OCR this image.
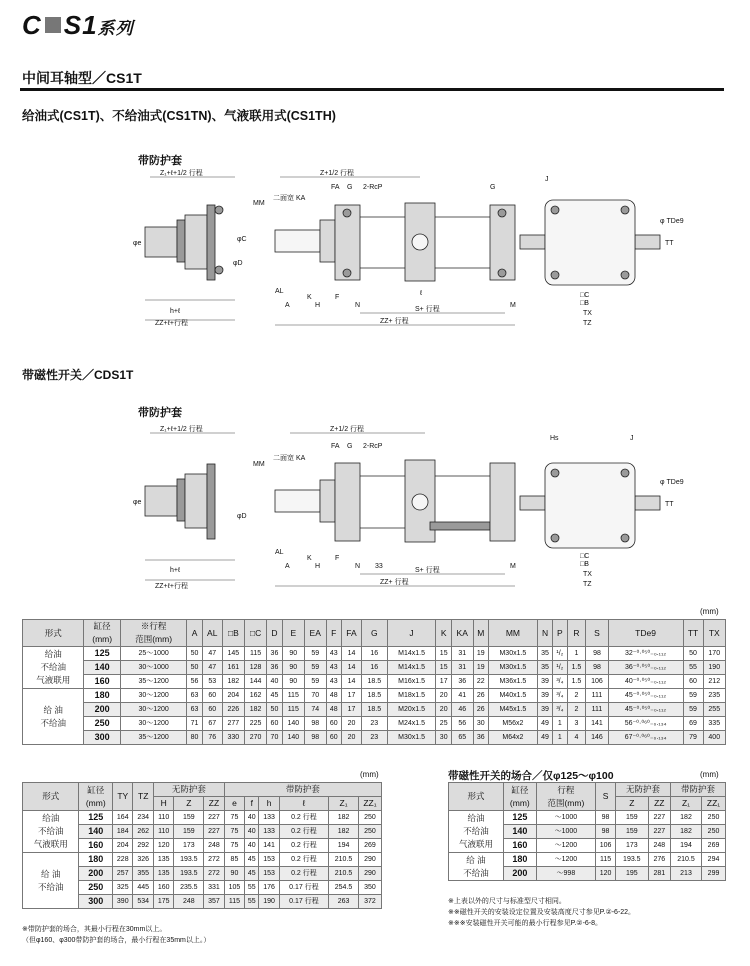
C S1系列
中间耳轴型／CS1T
给油式(CS1T)、不给油式(CS1TN)、气液联用式(CS1TH)
带防护套
Z₁+ℓ+1/2 行程	Z+1/2 行程
φe
h+ℓ
ZZ+ℓ+行程
MM
二面宽 KA
φC
φD
FA G 2-RcP	G
AL
A
K
H
F
N
ℓ
M
S+ 行程
ZZ+ 行程
J
φ TDe9
TT
□C
□B
TX
TZ
带磁性开关／CDS1T
带防护套
Z₁+ℓ+1/2 行程	Z+1/2 行程
φe
h+ℓ
ZZ+ℓ+行程
MM
二面宽 KA
φD
FA G 2-RcP
AL
A
K
H
F
N 33	M
S+ 行程
ZZ+ 行程
Hs	J
φ TDe9
TT
□C
□B
TX
TZ
(mm)
形式	缸径
(mm)	※行程
范围(mm)	A	AL	□B	□C	D	E	EA	F	FA	G	J	K	KA	M	MM	N	P	R	S	TDe9	TT	TX

给油
不给油
气液联用	125	25～1000	50	47	145	115	36	90	59	43	14	16	M14x1.5	15	31	19	M30x1.5	35	¹/₂	1	98	32⁻⁰·⁰⁵⁰₋₀.₁₁₂	50	170
	140	30～1000	50	47	161	128	36	90	59	43	14	16	M14x1.5	15	31	19	M30x1.5	35	¹/₂	1.5	98	36⁻⁰·⁰⁵⁰₋₀.₁₁₂	55	190
	160	35～1200	56	53	182	144	40	90	59	43	14	18.5	M16x1.5	17	36	22	M36x1.5	39	³/₄	1.5	106	40⁻⁰·⁰⁵⁰₋₀.₁₁₂	60	212

给 油
不给油	180	30～1200	63	60	204	162	45	115	70	48	17	18.5	M18x1.5	20	41	26	M40x1.5	39	³/₄	2	111	45⁻⁰·⁰⁵⁰₋₀.₁₁₂	59	235
	200	30～1200	63	60	226	182	50	115	74	48	17	18.5	M20x1.5	20	46	26	M45x1.5	39	³/₄	2	111	45⁻⁰·⁰⁵⁰₋₀.₁₁₂	59	255
	250	30～1200	71	67	277	225	60	140	98	60	20	23	M24x1.5	25	56	30	M56x2	49	1	3	141	56⁻⁰·⁰⁶⁰₋₀.₁₃₄	69	335
	300	35～1200	80	76	330	270	70	140	98	60	20	23	M30x1.5	30	65	36	M64x2	49	1	4	146	67⁻⁰·⁰⁶⁰₋₀.₁₃₄	79	400
(mm)
形式	缸径
(mm)	TY	TZ	无防护套			带防护套					
				H	Z	ZZ	e	f	h	ℓ	Z₁	ZZ₁

给油
不给油
气液联用	125	164	234	110	159	227	75	40	133	0.2 行程	182	250
	140	184	262	110	159	227	75	40	133	0.2 行程	182	250
	160	204	292	120	173	248	75	40	141	0.2 行程	194	269

给 油
不给油	180	228	326	135	193.5	272	85	45	153	0.2 行程	210.5	290
	200	257	355	135	193.5	272	90	45	153	0.2 行程	210.5	290
	250	325	445	160	235.5	331	105	55	176	0.17 行程	254.5	350
	300	390	534	175	248	357	115	55	190	0.17 行程	263	372
※带防护套的场合，其最小行程在30mm以上。
（但φ160、φ300带防护套的场合，最小行程在35mm以上。）
带磁性开关的场合／仅φ125～φ100	(mm)
形式	缸径
(mm)	行程
范围(mm)	S	无防护套		带防护套	
				Z	ZZ	Z₁	ZZ₁

给油
不给油
气液联用	125	～1000	98	159	227	182	250
	140	～1000	98	159	227	182	250
	160	～1200	106	173	248	194	269

给 油
不给油	180	～1200	115	193.5	276	210.5	294
	200	～998	120	195	281	213	299
※上表以外的尺寸与标准型尺寸相同。
※※磁性开关的安装设定位置及安装高度尺寸参见P.②-6-22。
※※※安装磁性开关可能的最小行程参见P.②-6-8。
